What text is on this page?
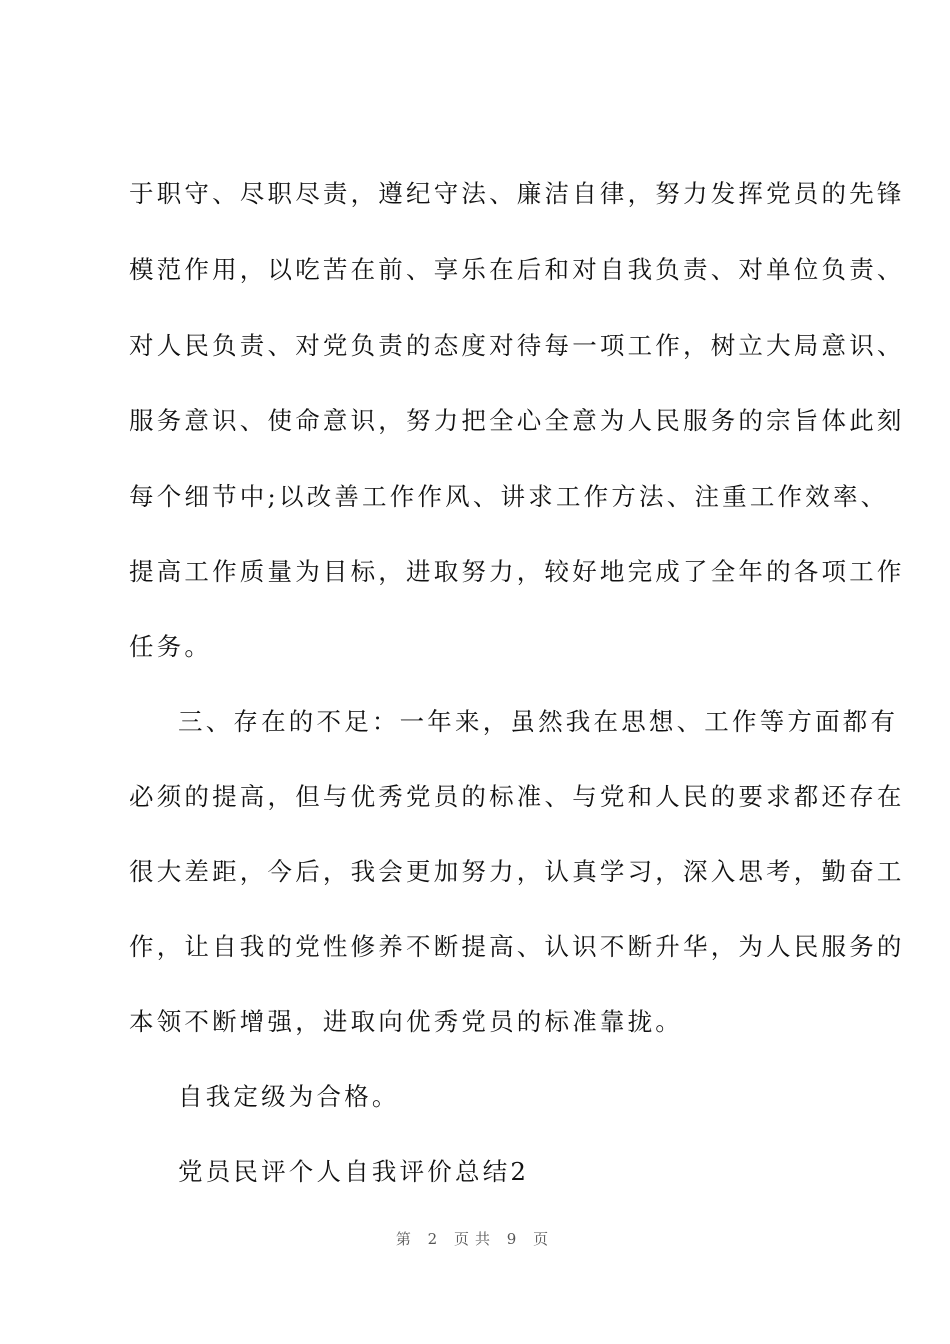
于职守、尽职尽责，遵纪守法、廉洁自律，努力发挥党员的先锋
模范作用，以吃苦在前、享乐在后和对自我负责、对单位负责、
对人民负责、对党负责的态度对待每一项工作，树立大局意识、
服务意识、使命意识，努力把全心全意为人民服务的宗旨体此刻
每个细节中;以改善工作作风、讲求工作方法、注重工作效率、
提高工作质量为目标，进取努力，较好地完成了全年的各项工作
任务。
三、存在的不足：一年来，虽然我在思想、工作等方面都有
必须的提高，但与优秀党员的标准、与党和人民的要求都还存在
很大差距，今后，我会更加努力，认真学习，深入思考，勤奋工
作，让自我的党性修养不断提高、认识不断升华，为人民服务的
本领不断增强，进取向优秀党员的标准靠拢。
自我定级为合格。
党员民评个人自我评价总结2
第 2 页共 9 页
